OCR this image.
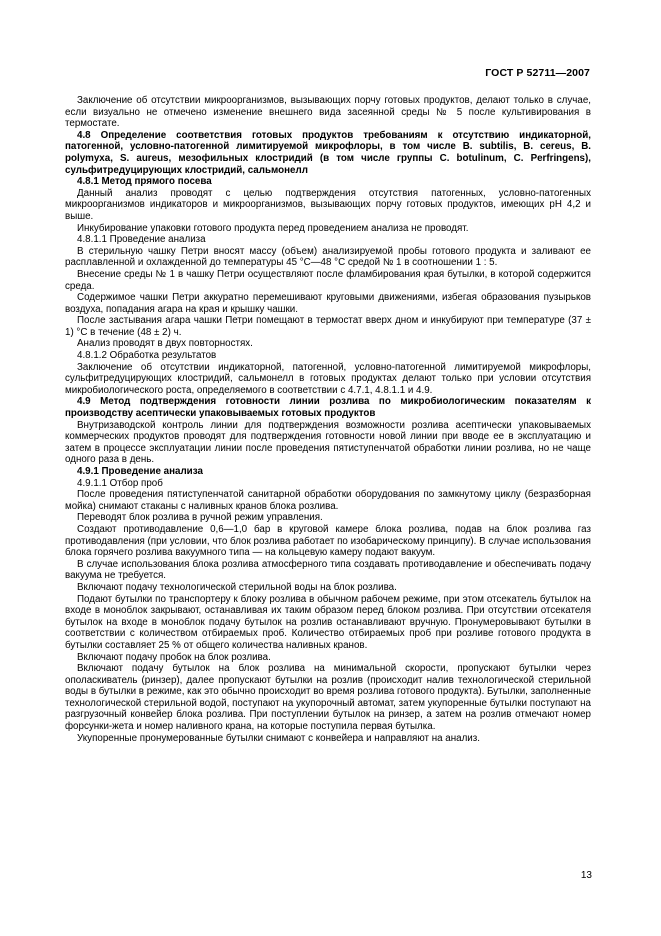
ГОСТ Р 52711—2007

Заключение об отсутствии микроорганизмов, вызывающих порчу готовых продуктов, делают только в случае, если визуально не отмечено изменение внешнего вида засеянной среды № 5 после культивирования в термостате.

4.8 Определение соответствия готовых продуктов требованиям к отсутствию индикаторной, патогенной, условно-патогенной лимитируемой микрофлоры, в том числе B. subtilis, B. cereus, B. polymyxa, S. aureus, мезофильных клостридий (в том числе группы C. botulinum, C. Perfringens), сульфитредуцирующих клостридий, сальмонелл

4.8.1 Метод прямого посева

Данный анализ проводят с целью подтверждения отсутствия патогенных, условно-патогенных микроорганизмов индикаторов и микроорганизмов, вызывающих порчу готовых продуктов, имеющих pH 4,2 и выше.

Инкубирование упаковки готового продукта перед проведением анализа не проводят.

4.8.1.1 Проведение анализа

В стерильную чашку Петри вносят массу (объем) анализируемой пробы готового продукта и заливают ее расплавленной и охлажденной до температуры 45 °С—48 °С средой № 1 в соотношении 1 : 5.

Внесение среды № 1 в чашку Петри осуществляют после фламбирования края бутылки, в которой содержится среда.

Содержимое чашки Петри аккуратно перемешивают круговыми движениями, избегая образования пузырьков воздуха, попадания агара на края и крышку чашки.

После застывания агара чашки Петри помещают в термостат вверх дном и инкубируют при температуре (37 ± 1) °С в течение (48 ± 2) ч.

Анализ проводят в двух повторностях.

4.8.1.2 Обработка результатов

Заключение об отсутствии индикаторной, патогенной, условно-патогенной лимитируемой микрофлоры, сульфитредуцирующих клостридий, сальмонелл в готовых продуктах делают только при условии отсутствия микробиологического роста, определяемого в соответствии с 4.7.1, 4.8.1.1 и 4.9.

4.9 Метод подтверждения готовности линии розлива по микробиологическим показателям к производству асептически упаковываемых готовых продуктов

Внутризаводской контроль линии для подтверждения возможности розлива асептически упаковываемых коммерческих продуктов проводят для подтверждения готовности новой линии при вводе ее в эксплуатацию и затем в процессе эксплуатации линии после проведения пятиступенчатой обработки линии розлива, но не чаще одного раза в день.

4.9.1 Проведение анализа

4.9.1.1 Отбор проб

После проведения пятиступенчатой санитарной обработки оборудования по замкнутому циклу (безразборная мойка) снимают стаканы с наливных кранов блока розлива.

Переводят блок розлива в ручной режим управления.

Создают противодавление 0,6—1,0 бар в круговой камере блока розлива, подав на блок розлива газ противодавления (при условии, что блок розлива работает по изобарическому принципу). В случае использования блока горячего розлива вакуумного типа — на кольцевую камеру подают вакуум.

В случае использования блока розлива атмосферного типа создавать противодавление и обеспечивать подачу вакуума не требуется.

Включают подачу технологической стерильной воды на блок розлива.

Подают бутылки по транспортеру к блоку розлива в обычном рабочем режиме, при этом отсекатель бутылок на входе в моноблок закрывают, останавливая их таким образом перед блоком розлива. При отсутствии отсекателя бутылок на входе в моноблок подачу бутылок на розлив останавливают вручную. Пронумеровывают бутылки в соответствии с количеством отбираемых проб. Количество отбираемых проб при розливе готового продукта в бутылки составляет 25 % от общего количества наливных кранов.

Включают подачу пробок на блок розлива.

Включают подачу бутылок на блок розлива на минимальной скорости, пропускают бутылки через ополаскиватель (ринзер), далее пропускают бутылки на розлив (происходит налив технологической стерильной воды в бутылки в режиме, как это обычно происходит во время розлива готового продукта). Бутылки, заполненные технологической стерильной водой, поступают на укупорочный автомат, затем укупоренные бутылки поступают на разгрузочный конвейер блока розлива. При поступлении бутылок на ринзер, а затем на розлив отмечают номер форсунки-жета и номер наливного крана, на которые поступила первая бутылка.

Укупоренные пронумерованные бутылки снимают с конвейера и направляют на анализ.

13
